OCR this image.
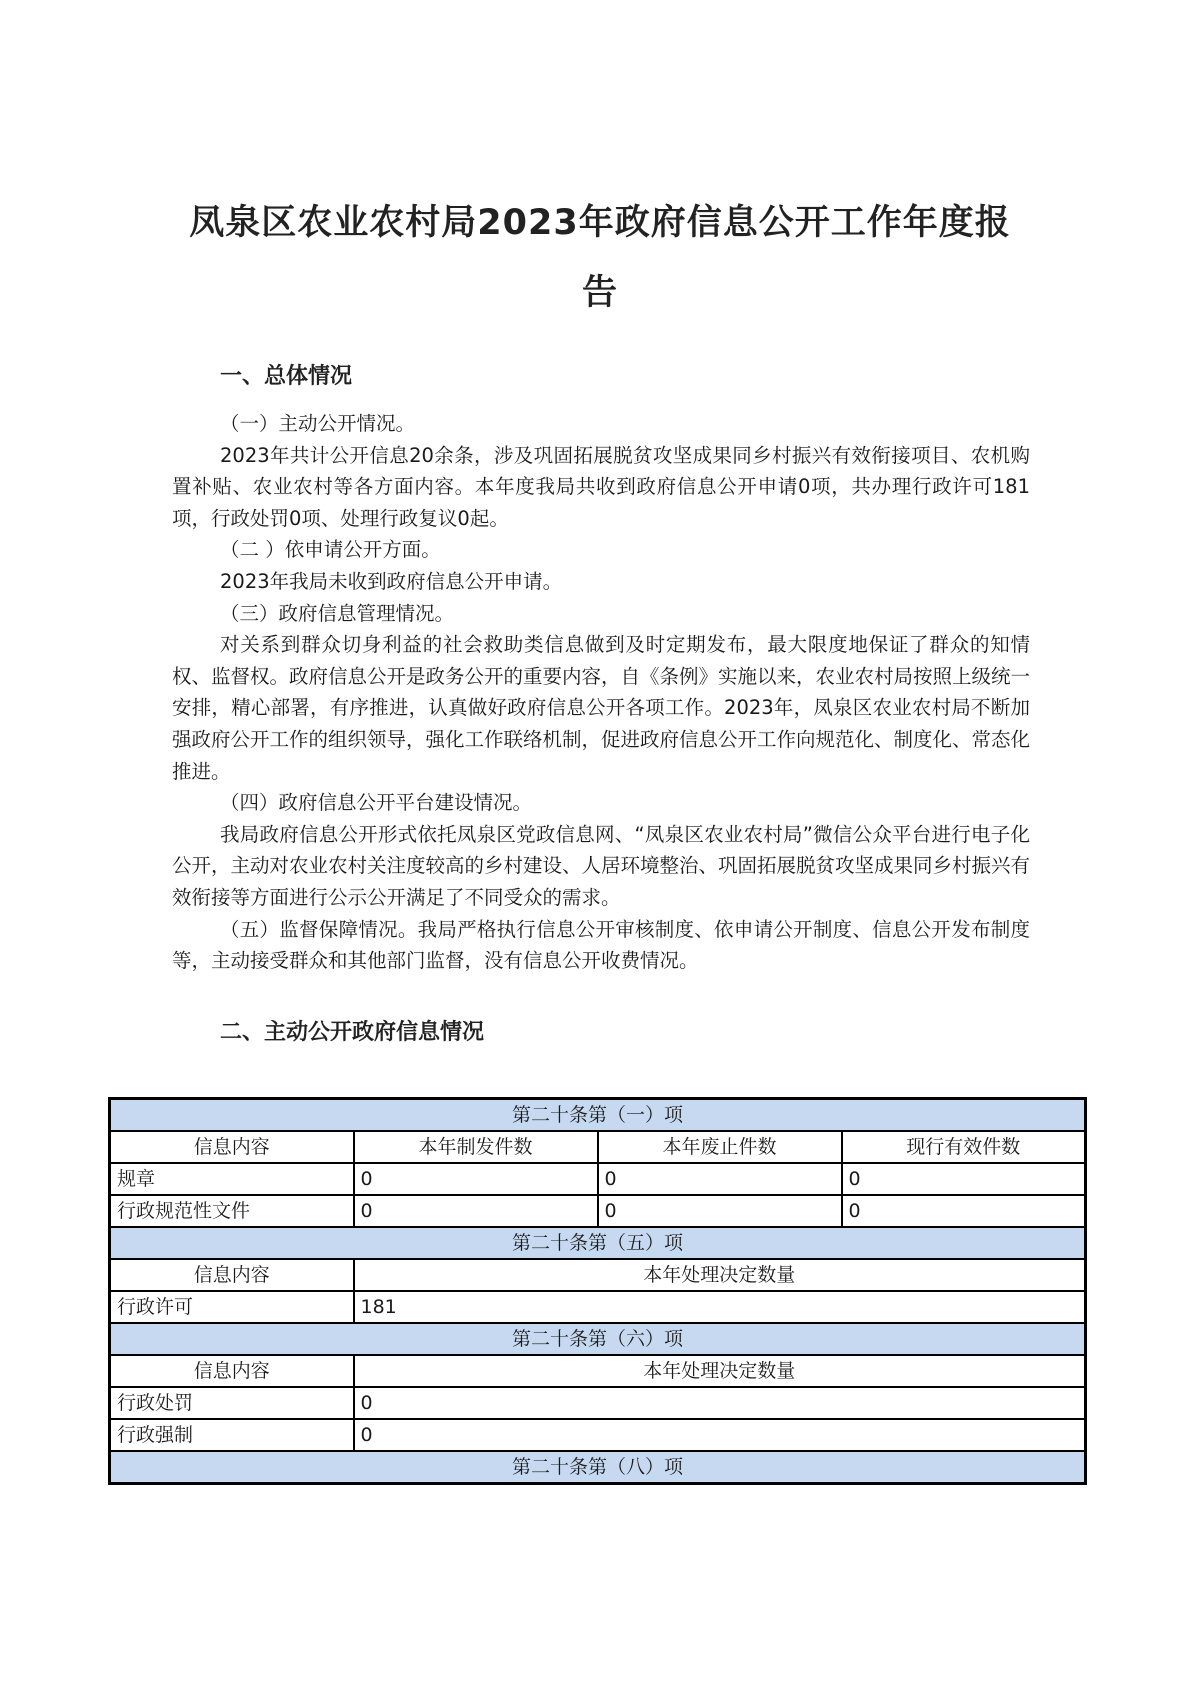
凤泉区农业农村局2023年政府信息公开工作年度报
告
一、总体情况

（一）主动公开情况。

2023年共计公开信息20余条，涉及巩固拓展脱贫攻坚成果同乡村振兴有效衔接项目、农机购置补贴、农业农村等各方面内容。本年度我局共收到政府信息公开申请0项，共办理行政许可181项，行政处罚0项、处理行政复议0起。

（二 ）依申请公开方面。

2023年我局未收到政府信息公开申请。

（三）政府信息管理情况。

对关系到群众切身利益的社会救助类信息做到及时定期发布，最大限度地保证了群众的知情权、监督权。政府信息公开是政务公开的重要内容，自《条例》实施以来，农业农村局按照上级统一安排，精心部署，有序推进，认真做好政府信息公开各项工作。2023年，凤泉区农业农村局不断加强政府公开工作的组织领导，强化工作联络机制，促进政府信息公开工作向规范化、制度化、常态化推进。

（四）政府信息公开平台建设情况。

我局政府信息公开形式依托凤泉区党政信息网、“凤泉区农业农村局”微信公众平台进行电子化公开，主动对农业农村关注度较高的乡村建设、人居环境整治、巩固拓展脱贫攻坚成果同乡村振兴有效衔接等方面进行公示公开满足了不同受众的需求。

（五）监督保障情况。我局严格执行信息公开审核制度、依申请公开制度、信息公开发布制度等，主动接受群众和其他部门监督，没有信息公开收费情况。

二、主动公开政府信息情况
第二十条第（一）项			
信息内容	本年制发件数	本年废止件数	现行有效件数
规章	0	0	0
行政规范性文件	0	0	0
第二十条第（五）项			
信息内容	本年处理决定数量		
行政许可	181		
第二十条第（六）项			
信息内容	本年处理决定数量		
行政处罚	0		
行政强制	0		
第二十条第（八）项			
